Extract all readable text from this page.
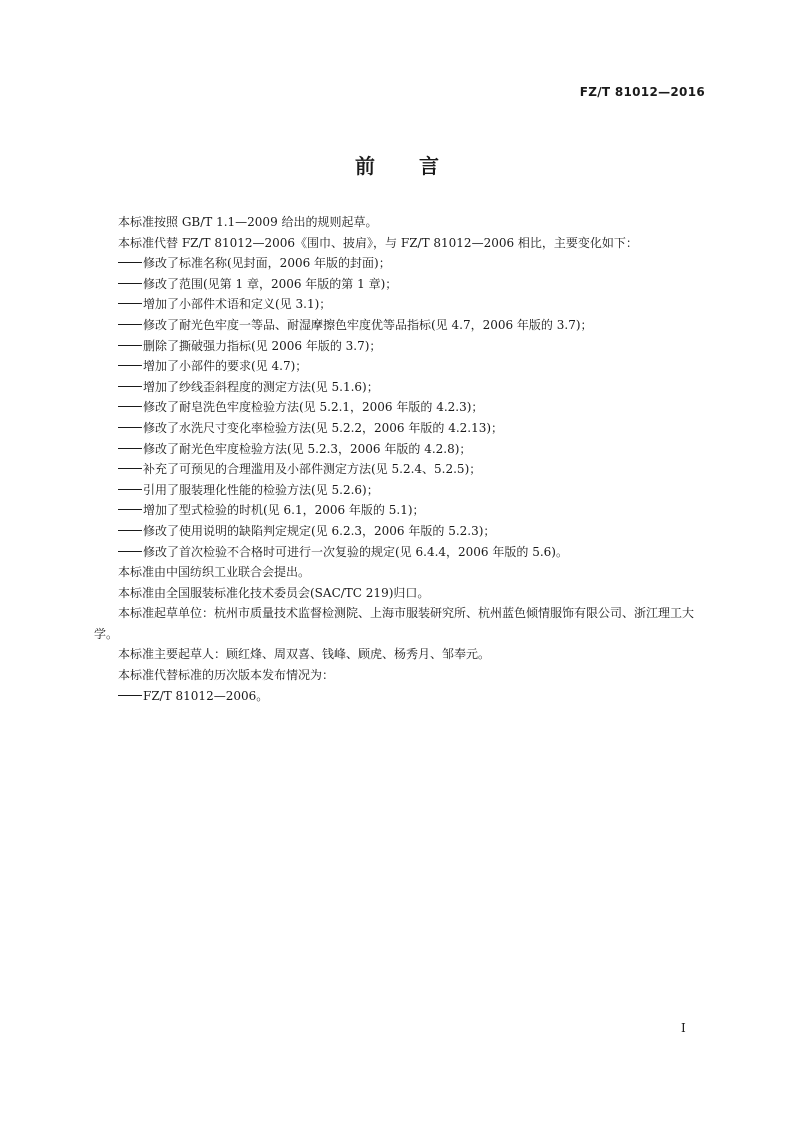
FZ/T 81012—2016
前言
本标准按照 GB/T 1.1—2009 给出的规则起草。
本标准代替 FZ/T 81012—2006《围巾、披肩》，与 FZ/T 81012—2006 相比，主要变化如下：
修改了标准名称(见封面，2006 年版的封面)；
修改了范围(见第 1 章，2006 年版的第 1 章)；
增加了小部件术语和定义(见 3.1)；
修改了耐光色牢度一等品、耐湿摩擦色牢度优等品指标(见 4.7，2006 年版的 3.7)；
删除了撕破强力指标(见 2006 年版的 3.7)；
增加了小部件的要求(见 4.7)；
增加了纱线歪斜程度的测定方法(见 5.1.6)；
修改了耐皂洗色牢度检验方法(见 5.2.1，2006 年版的 4.2.3)；
修改了水洗尺寸变化率检验方法(见 5.2.2，2006 年版的 4.2.13)；
修改了耐光色牢度检验方法(见 5.2.3，2006 年版的 4.2.8)；
补充了可预见的合理滥用及小部件测定方法(见 5.2.4、5.2.5)；
引用了服装理化性能的检验方法(见 5.2.6)；
增加了型式检验的时机(见 6.1，2006 年版的 5.1)；
修改了使用说明的缺陷判定规定(见 6.2.3，2006 年版的 5.2.3)；
修改了首次检验不合格时可进行一次复验的规定(见 6.4.4，2006 年版的 5.6)。
本标准由中国纺织工业联合会提出。
本标准由全国服装标准化技术委员会(SAC/TC 219)归口。
本标准起草单位：杭州市质量技术监督检测院、上海市服装研究所、杭州蓝色倾情服饰有限公司、浙江理工大学。
本标准主要起草人：顾红烽、周双喜、钱峰、顾虎、杨秀月、邹奉元。
本标准代替标准的历次版本发布情况为：
FZ/T 81012—2006。
I
